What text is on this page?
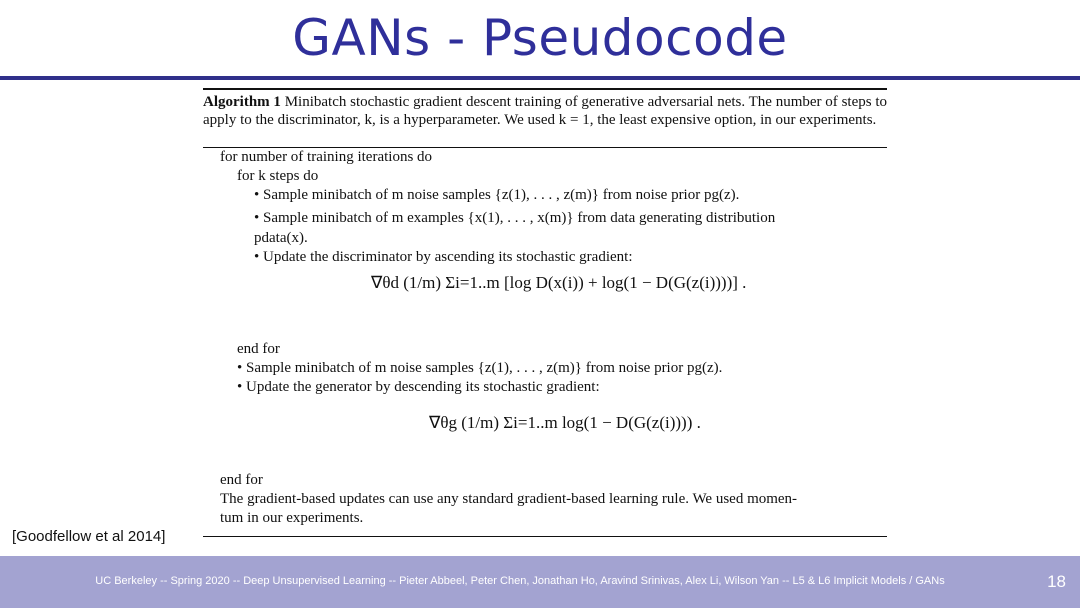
GANs - Pseudocode
Algorithm 1 Minibatch stochastic gradient descent training of generative adversarial nets. The number of steps to apply to the discriminator, k, is a hyperparameter. We used k = 1, the least expensive option, in our experiments.
for number of training iterations do
for k steps do
• Sample minibatch of m noise samples {z(1), . . . , z(m)} from noise prior pg(z).
• Sample minibatch of m examples {x(1), . . . , x(m)} from data generating distribution
pdata(x).
• Update the discriminator by ascending its stochastic gradient:
∇θd (1/m) Σi=1..m [log D(x(i)) + log(1 − D(G(z(i))))] .
end for
• Sample minibatch of m noise samples {z(1), . . . , z(m)} from noise prior pg(z).
• Update the generator by descending its stochastic gradient:
∇θg (1/m) Σi=1..m log(1 − D(G(z(i)))) .
end for
The gradient-based updates can use any standard gradient-based learning rule. We used momen-
tum in our experiments.
[Goodfellow et al 2014]
UC Berkeley -- Spring 2020 -- Deep Unsupervised Learning -- Pieter Abbeel, Peter Chen, Jonathan Ho, Aravind Srinivas, Alex Li, Wilson Yan -- L5 & L6 Implicit Models / GANs	18
